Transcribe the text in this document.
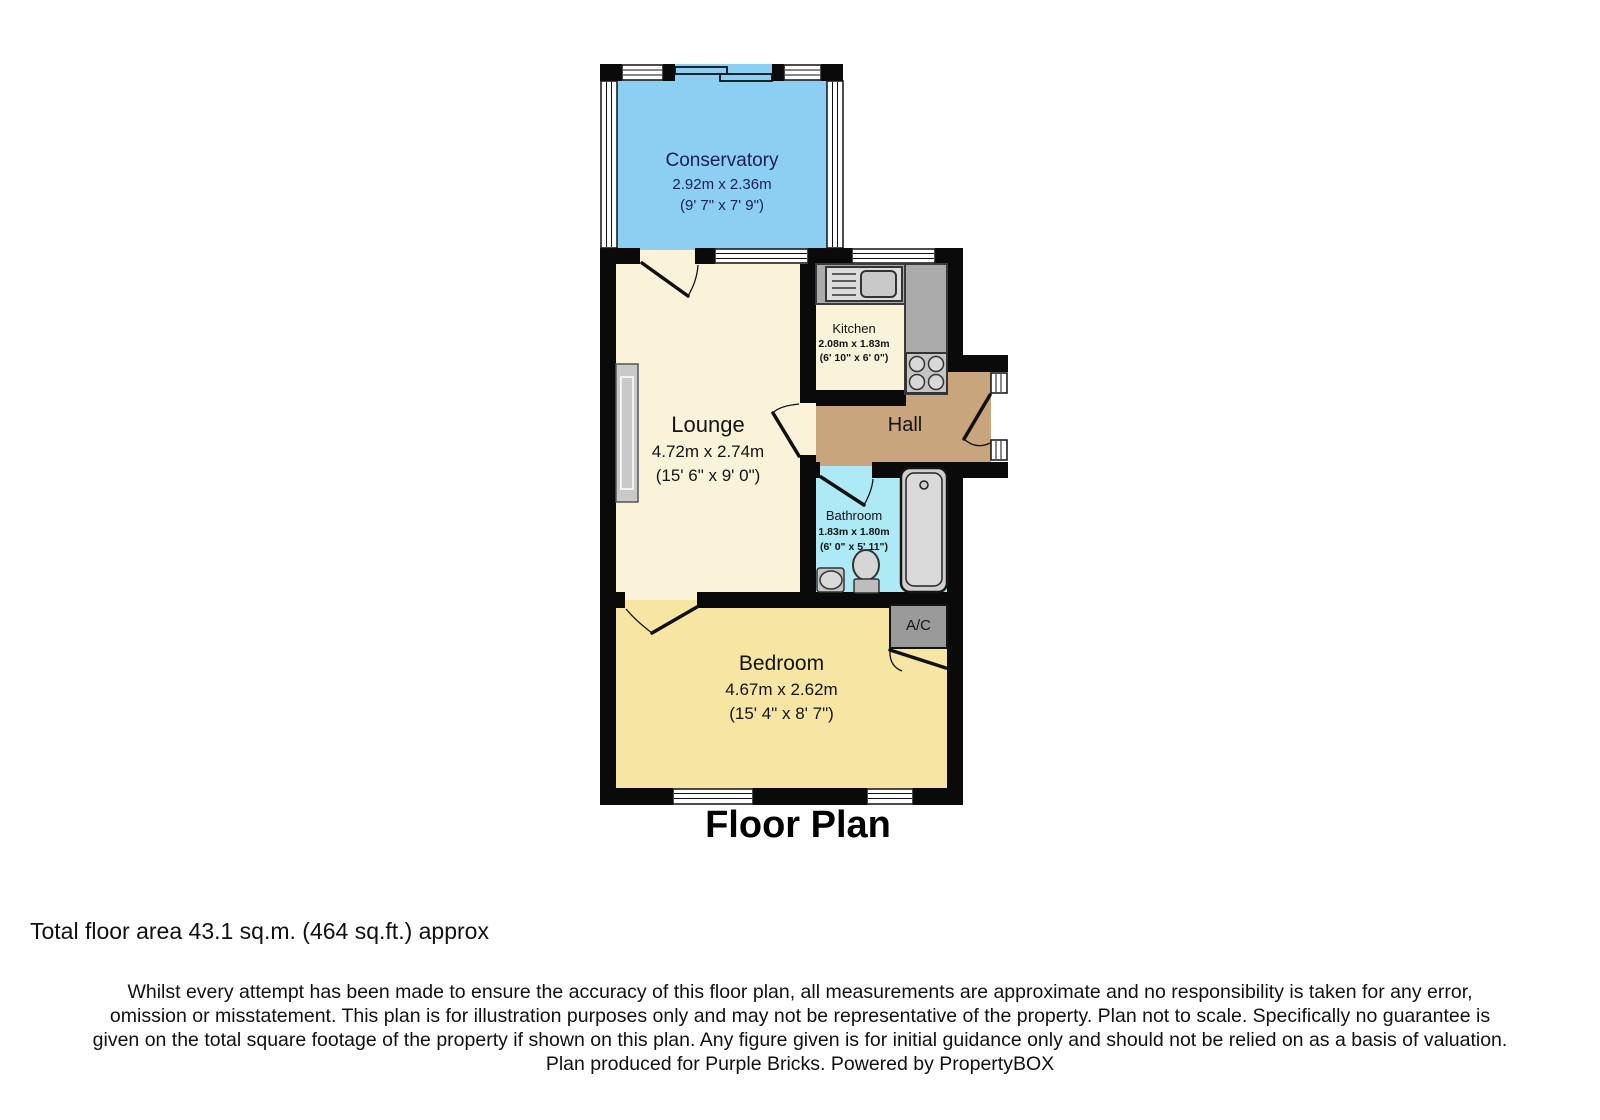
Conservatory
2.92m x 2.36m
(9' 7" x 7' 9")
Lounge
4.72m x 2.74m
(15' 6" x 9' 0")
Kitchen
2.08m x 1.83m
(6' 10" x 6' 0")
Hall
Bathroom
1.83m x 1.80m
(6' 0" x 5' 11")
Bedroom
4.67m x 2.62m
(15' 4" x 8' 7")
A/C
Floor Plan
Total floor area 43.1 sq.m. (464 sq.ft.) approx
Whilst every attempt has been made to ensure the accuracy of this floor plan, all measurements are approximate and no responsibility is taken for any error,
omission or misstatement. This plan is for illustration purposes only and may not be representative of the property. Plan not to scale. Specifically no guarantee is
given on the total square footage of the property if shown on this plan. Any figure given is for initial guidance only and should not be relied on as a basis of valuation.
Plan produced for Purple Bricks. Powered by PropertyBOX
